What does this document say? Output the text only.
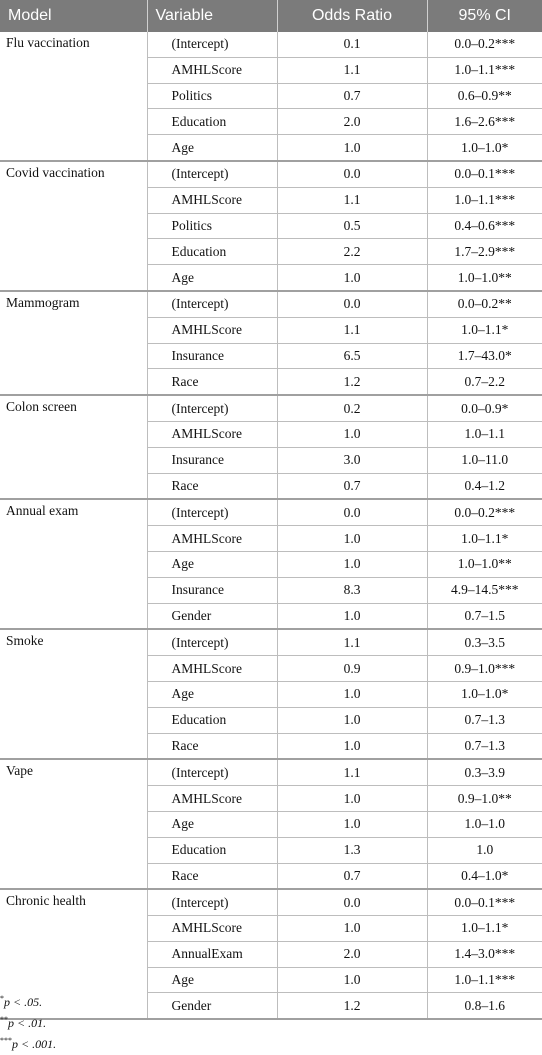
Model	Variable	Odds Ratio	95% CI
Flu vaccination	(Intercept)	0.1	0.0–0.2***
	AMHLScore	1.1	1.0–1.1***
	Politics	0.7	0.6–0.9**
	Education	2.0	1.6–2.6***
	Age	1.0	1.0–1.0*
Covid vaccination	(Intercept)	0.0	0.0–0.1***
	AMHLScore	1.1	1.0–1.1***
	Politics	0.5	0.4–0.6***
	Education	2.2	1.7–2.9***
	Age	1.0	1.0–1.0**
Mammogram	(Intercept)	0.0	0.0–0.2**
	AMHLScore	1.1	1.0–1.1*
	Insurance	6.5	1.7–43.0*
	Race	1.2	0.7–2.2
Colon screen	(Intercept)	0.2	0.0–0.9*
	AMHLScore	1.0	1.0–1.1
	Insurance	3.0	1.0–11.0
	Race	0.7	0.4–1.2
Annual exam	(Intercept)	0.0	0.0–0.2***
	AMHLScore	1.0	1.0–1.1*
	Age	1.0	1.0–1.0**
	Insurance	8.3	4.9–14.5***
	Gender	1.0	0.7–1.5
Smoke	(Intercept)	1.1	0.3–3.5
	AMHLScore	0.9	0.9–1.0***
	Age	1.0	1.0–1.0*
	Education	1.0	0.7–1.3
	Race	1.0	0.7–1.3
Vape	(Intercept)	1.1	0.3–3.9
	AMHLScore	1.0	0.9–1.0**
	Age	1.0	1.0–1.0
	Education	1.3	1.0
	Race	0.7	0.4–1.0*
Chronic health	(Intercept)	0.0	0.0–0.1***
	AMHLScore	1.0	1.0–1.1*
	AnnualExam	2.0	1.4–3.0***
	Age	1.0	1.0–1.1***
	Gender	1.2	0.8–1.6
*p < .05.
**p < .01.
***p < .001.
